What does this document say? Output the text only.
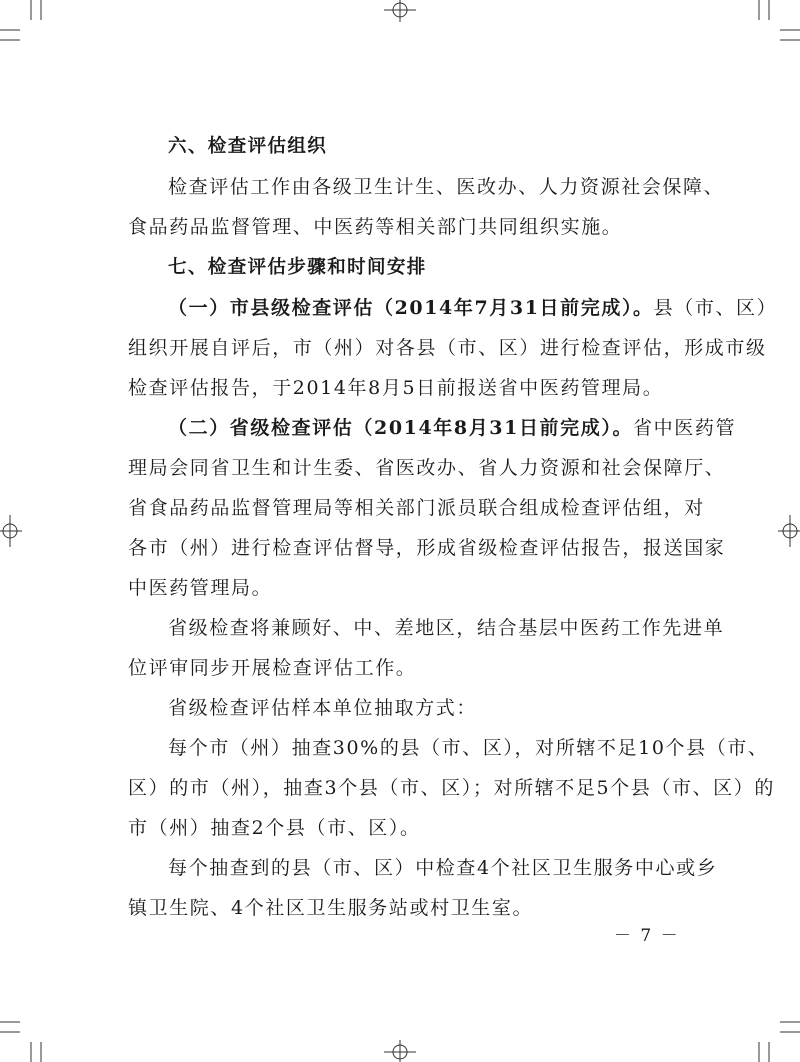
六、检查评估组织
检查评估工作由各级卫生计生、医改办、人力资源社会保障、
食品药品监督管理、中医药等相关部门共同组织实施。
七、检查评估步骤和时间安排
（一）市县级检查评估（2014年7月31日前完成）。县（市、区）
组织开展自评后，市（州）对各县（市、区）进行检查评估，形成市级
检查评估报告，于2014年8月5日前报送省中医药管理局。
（二）省级检查评估（2014年8月31日前完成）。省中医药管
理局会同省卫生和计生委、省医改办、省人力资源和社会保障厅、
省食品药品监督管理局等相关部门派员联合组成检查评估组，对
各市（州）进行检查评估督导，形成省级检查评估报告，报送国家
中医药管理局。
省级检查将兼顾好、中、差地区，结合基层中医药工作先进单
位评审同步开展检查评估工作。
省级检查评估样本单位抽取方式：
每个市（州）抽查30%的县（市、区），对所辖不足10个县（市、
区）的市（州），抽查3个县（市、区）；对所辖不足5个县（市、区）的
市（州）抽查2个县（市、区）。
每个抽查到的县（市、区）中检查4个社区卫生服务中心或乡
镇卫生院、4个社区卫生服务站或村卫生室。
－ 7 －
